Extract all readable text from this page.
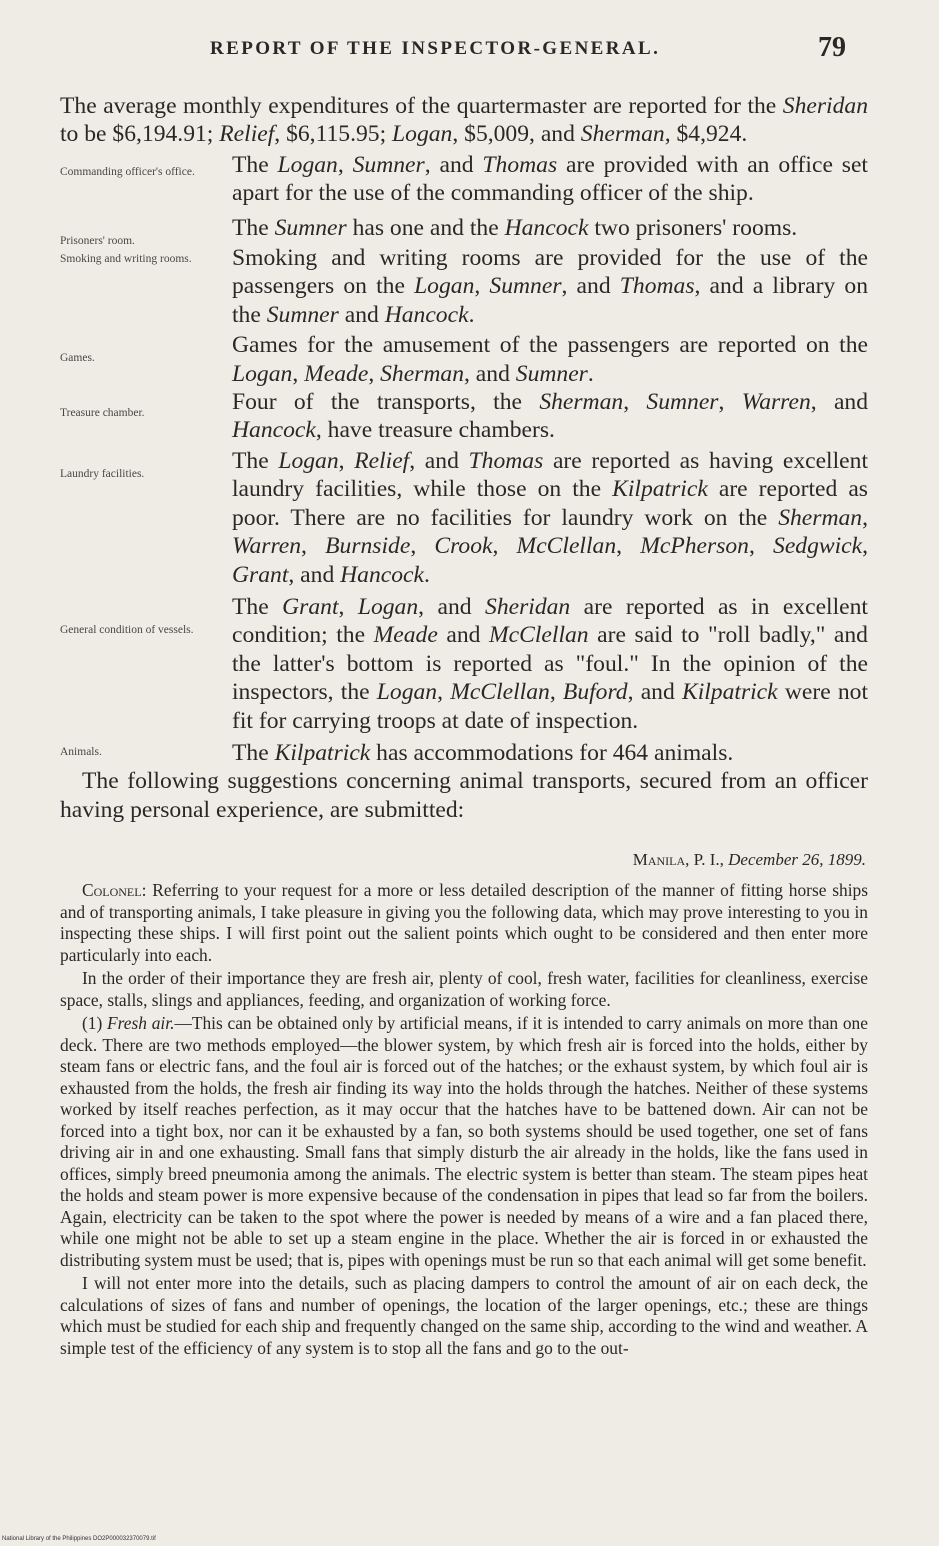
REPORT OF THE INSPECTOR-GENERAL.	79

The average monthly expenditures of the quartermaster are reported for the Sheridan to be $6,194.91; Relief, $6,115.95; Logan, $5,009, and Sherman, $4,924.

Commanding officer's office.	The Logan, Sumner, and Thomas are provided with an office set apart for the use of the commanding officer of the ship.

Prisoners' room.	The Sumner has one and the Hancock two prisoners' rooms.

Smoking and writing rooms.	Smoking and writing rooms are provided for the use of the passengers on the Logan, Sumner, and Thomas, and a library on the Sumner and Hancock.

Games.	Games for the amusement of the passengers are reported on the Logan, Meade, Sherman, and Sumner.

Treasure chamber.	Four of the transports, the Sherman, Sumner, Warren, and Hancock, have treasure chambers.

Laundry facilities.	The Logan, Relief, and Thomas are reported as having excellent laundry facilities, while those on the Kilpatrick are reported as poor. There are no facilities for laundry work on the Sherman, Warren, Burnside, Crook, McClellan, McPherson, Sedgwick, Grant, and Hancock.

General condition of vessels.
The Grant, Logan, and Sheridan are reported as in excellent condition; the Meade and McClellan are said to "roll badly," and the latter's bottom is reported as "foul." In the opinion of the inspectors, the Logan, McClellan, Buford, and Kilpatrick were not fit for carrying troops at date of inspection.

Animals.	The Kilpatrick has accommodations for 464 animals.

The following suggestions concerning animal transports, secured from an officer having personal experience, are submitted:

Manila, P. I., December 26, 1899.

Colonel: Referring to your request for a more or less detailed description of the manner of fitting horse ships and of transporting animals, I take pleasure in giving you the following data, which may prove interesting to you in inspecting these ships. I will first point out the salient points which ought to be considered and then enter more particularly into each.

In the order of their importance they are fresh air, plenty of cool, fresh water, facilities for cleanliness, exercise space, stalls, slings and appliances, feeding, and organization of working force.

(1) Fresh air.—This can be obtained only by artificial means, if it is intended to carry animals on more than one deck. There are two methods employed—the blower system, by which fresh air is forced into the holds, either by steam fans or electric fans, and the foul air is forced out of the hatches; or the exhaust system, by which foul air is exhausted from the holds, the fresh air finding its way into the holds through the hatches. Neither of these systems worked by itself reaches perfection, as it may occur that the hatches have to be battened down. Air can not be forced into a tight box, nor can it be exhausted by a fan, so both systems should be used together, one set of fans driving air in and one exhausting. Small fans that simply disturb the air already in the holds, like the fans used in offices, simply breed pneumonia among the animals. The electric system is better than steam. The steam pipes heat the holds and steam power is more expensive because of the condensation in pipes that lead so far from the boilers. Again, electricity can be taken to the spot where the power is needed by means of a wire and a fan placed there, while one might not be able to set up a steam engine in the place. Whether the air is forced in or exhausted the distributing system must be used; that is, pipes with openings must be run so that each animal will get some benefit.

I will not enter more into the details, such as placing dampers to control the amount of air on each deck, the calculations of sizes of fans and number of openings, the location of the larger openings, etc.; these are things which must be studied for each ship and frequently changed on the same ship, according to the wind and weather. A simple test of the efficiency of any system is to stop all the fans and go to the out-

National Library of the Philippines DO2P000032370079.tif
